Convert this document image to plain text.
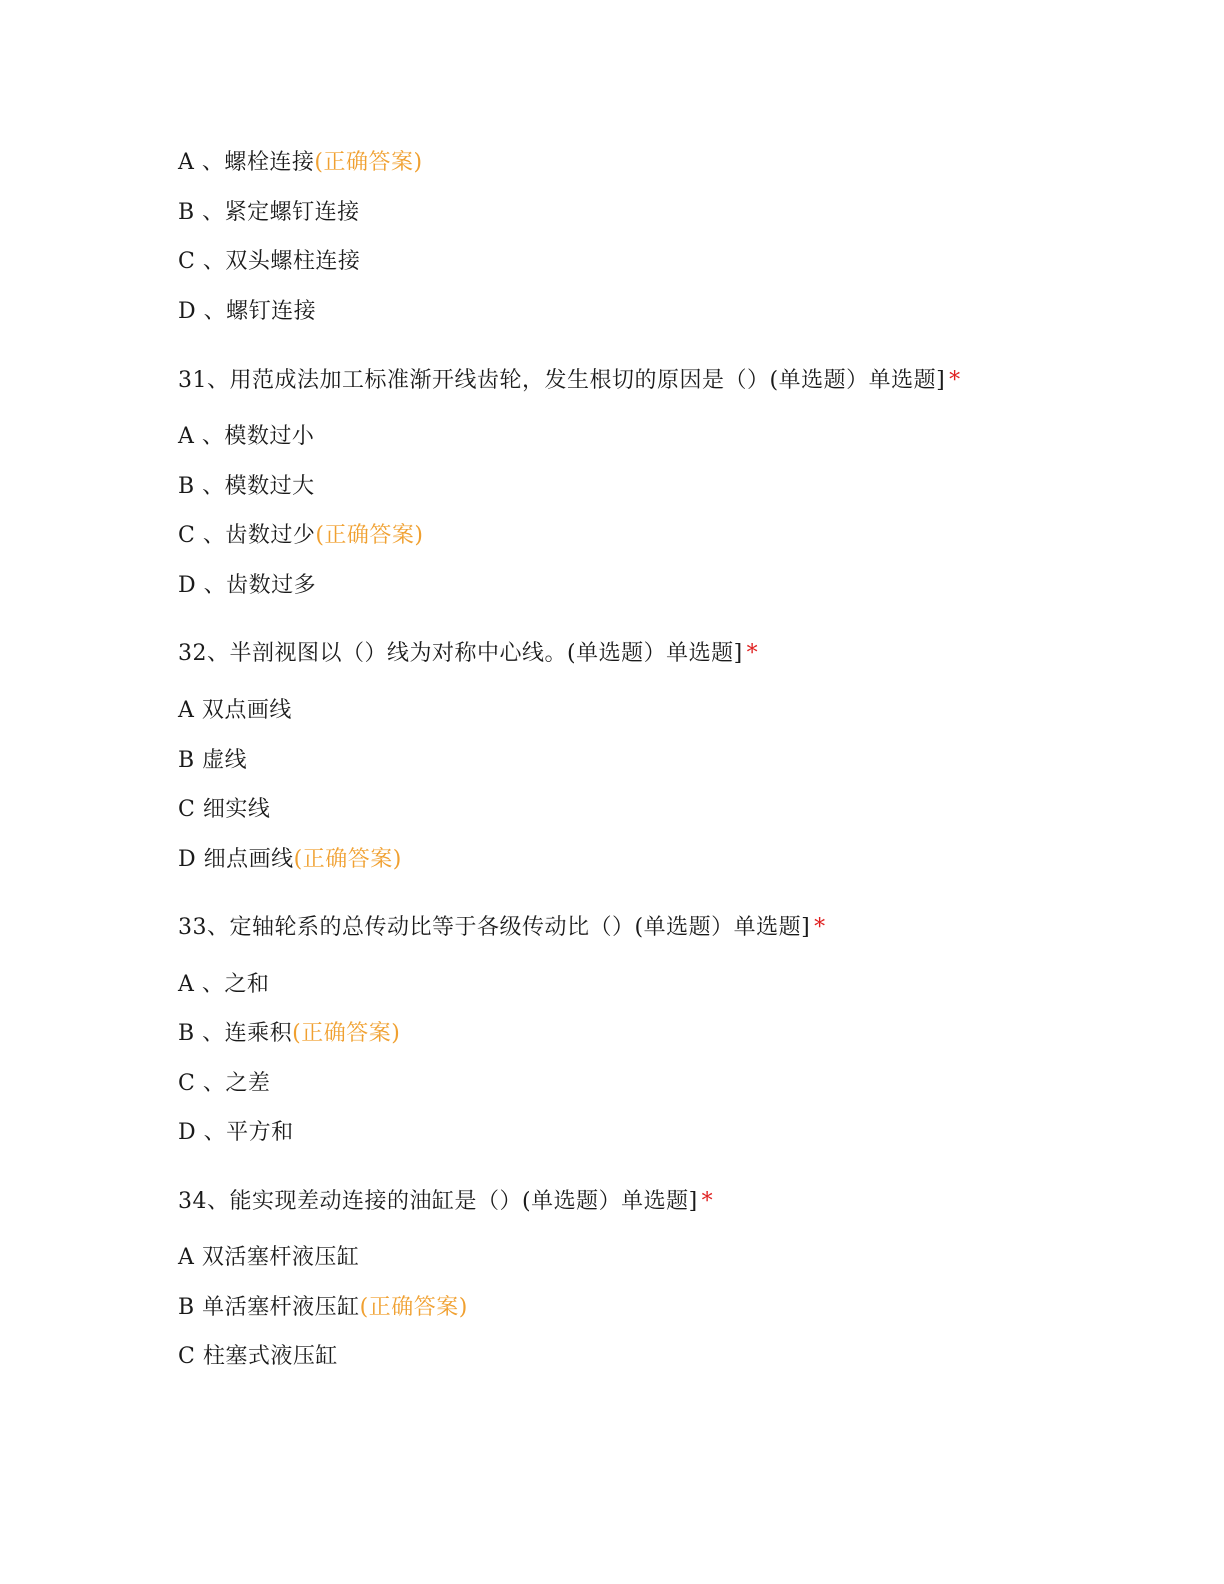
A 、螺栓连接(正确答案)
B 、紧定螺钉连接
C 、双头螺柱连接
D 、螺钉连接
31、用范成法加工标准渐开线齿轮，发生根切的原因是（）(单选题）单选题] *
A 、模数过小
B 、模数过大
C 、齿数过少(正确答案)
D 、齿数过多
32、半剖视图以（）线为对称中心线。(单选题）单选题] *
A 双点画线
B 虚线
C 细实线
D 细点画线(正确答案)
33、定轴轮系的总传动比等于各级传动比（）(单选题）单选题] *
A 、之和
B 、连乘积(正确答案)
C 、之差
D 、平方和
34、能实现差动连接的油缸是（）(单选题）单选题] *
A 双活塞杆液压缸
B 单活塞杆液压缸(正确答案)
C 柱塞式液压缸
